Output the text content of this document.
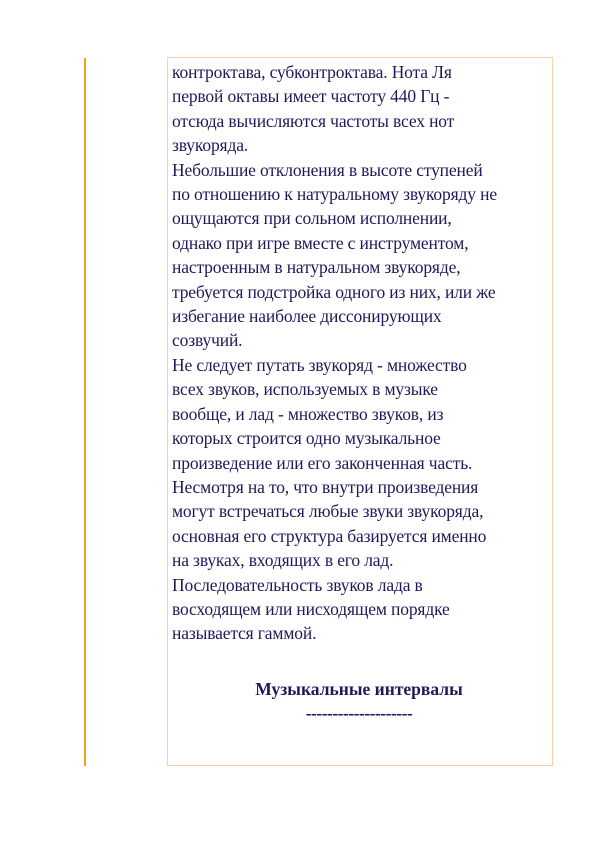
контроктава, субконтроктава. Нота Ля
первой октавы имеет частоту 440 Гц -
отсюда вычисляются частоты всех нот
звукоряда.
Небольшие отклонения в высоте ступеней
по отношению к натуральному звукоряду не
ощущаются при сольном исполнении,
однако при игре вместе с инструментом,
настроенным в натуральном звукоряде,
требуется подстройка одного из них, или же
избегание наиболее диссонирующих
созвучий.
Не следует путать звукоряд - множество
всех звуков, используемых в музыке
вообще, и лад - множество звуков, из
которых строится одно музыкальное
произведение или его законченная часть.
Несмотря на то, что внутри произведения
могут встречаться любые звуки звукоряда,
основная его структура базируется именно
на звуках, входящих в его лад.
Последовательность звуков лада в
восходящем или нисходящем порядке
называется гаммой.
Музыкальные интервалы
--------------------
